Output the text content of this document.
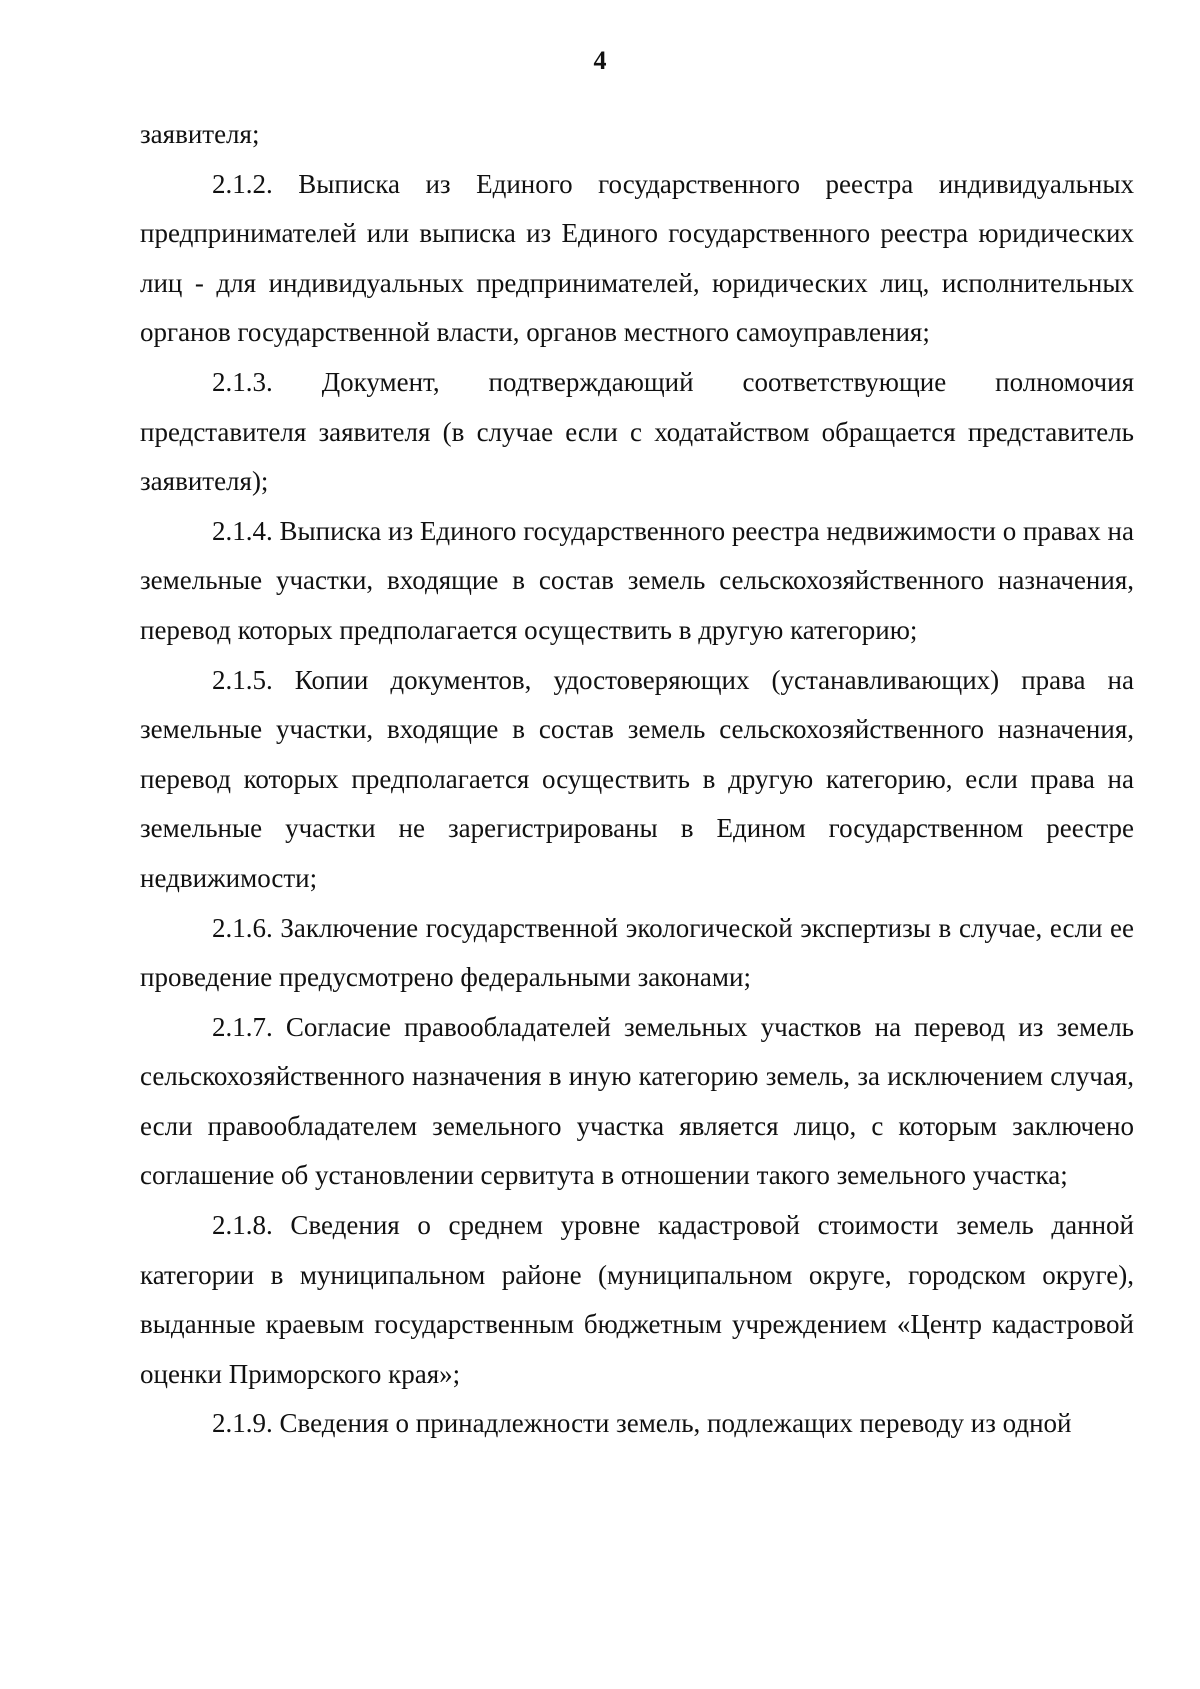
4

заявителя;

2.1.2. Выписка из Единого государственного реестра индивидуальных предпринимателей или выписка из Единого государственного реестра юридических лиц - для индивидуальных предпринимателей, юридических лиц, исполнительных органов государственной власти, органов местного самоуправления;

2.1.3. Документ, подтверждающий соответствующие полномочия представителя заявителя (в случае если с ходатайством обращается представитель заявителя);

2.1.4. Выписка из Единого государственного реестра недвижимости о правах на земельные участки, входящие в состав земель сельскохозяйственного назначения, перевод которых предполагается осуществить в другую категорию;

2.1.5. Копии документов, удостоверяющих (устанавливающих) права на земельные участки, входящие в состав земель сельскохозяйственного назначения, перевод которых предполагается осуществить в другую категорию, если права на земельные участки не зарегистрированы в Едином государственном реестре недвижимости;

2.1.6. Заключение государственной экологической экспертизы в случае, если ее проведение предусмотрено федеральными законами;

2.1.7. Согласие правообладателей земельных участков на перевод из земель сельскохозяйственного назначения в иную категорию земель, за исключением случая, если правообладателем земельного участка является лицо, с которым заключено соглашение об установлении сервитута в отношении такого земельного участка;

2.1.8. Сведения о среднем уровне кадастровой стоимости земель данной категории в муниципальном районе (муниципальном округе, городском округе), выданные краевым государственным бюджетным учреждением «Центр кадастровой оценки Приморского края»;

2.1.9. Сведения о принадлежности земель, подлежащих переводу из одной
